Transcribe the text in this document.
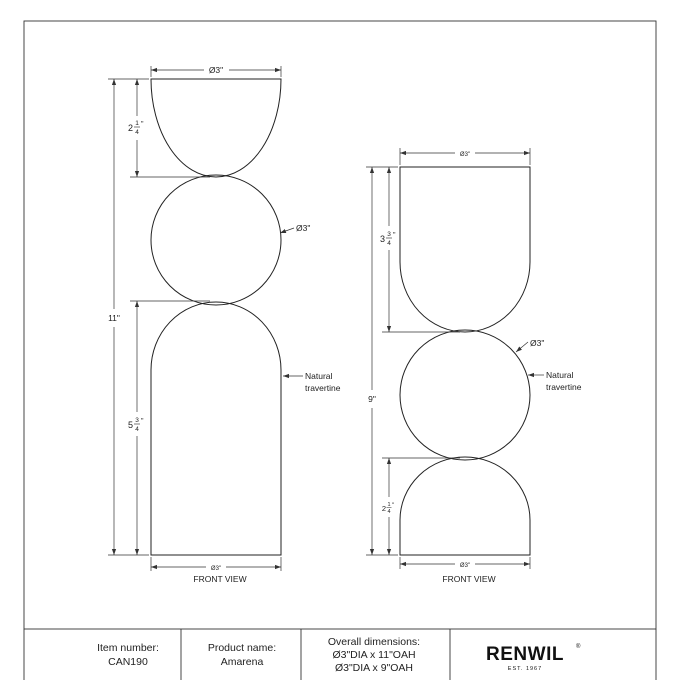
Ø3"
11"
2 1
4
"
5 3
4
"
Ø3"
Natural
travertine
Ø3"
FRONT VIEW
Ø3"
9"
3 3
4
"
2 1
4
"
Ø3"
Natural
travertine
Ø3"
FRONT VIEW
Item number:
CAN190
Product name:
Amarena
Overall dimensions:
Ø3"DIA x 11"OAH
Ø3"DIA x 9"OAH
RENWIL ®
EST. 1967
